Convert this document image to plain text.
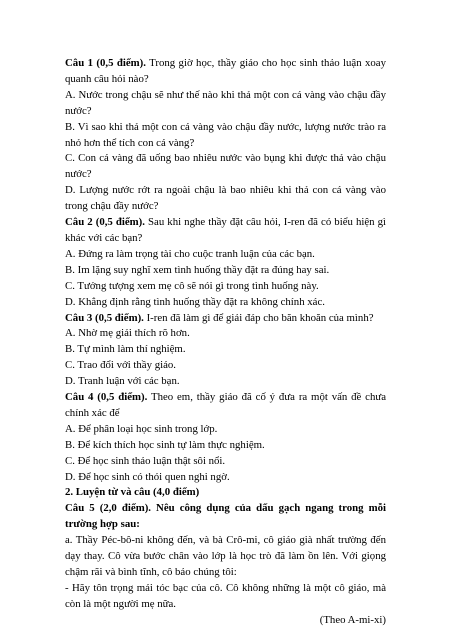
Câu 1 (0,5 điểm). Trong giờ học, thầy giáo cho học sinh thảo luận xoay
quanh câu hỏi nào?
A. Nước trong chậu sẽ như thế nào khi thả một con cá vàng vào chậu đầy
nước?
B. Vì sao khi thả một con cá vàng vào chậu đầy nước, lượng nước trào ra
nhỏ hơn thể tích con cá vàng?
C. Con cá vàng đã uống bao nhiêu nước vào bụng khi được thả vào chậu
nước?
D. Lượng nước rớt ra ngoài chậu là bao nhiêu khi thả con cá vàng vào
trong chậu đầy nước?
Câu 2 (0,5 điểm). Sau khi nghe thầy đặt câu hỏi, I-ren đã có biểu hiện gì
khác với các bạn?
A. Đứng ra làm trọng tài cho cuộc tranh luận của các bạn.
B. Im lặng suy nghĩ xem tình huống thầy đặt ra đúng hay sai.
C. Tưởng tượng xem mẹ cô sẽ nói gì trong tình huống này.
D. Khẳng định rằng tình huống thầy đặt ra không chính xác.
Câu 3 (0,5 điểm). I-ren đã làm gì để giải đáp cho băn khoăn của mình?
A. Nhờ mẹ giải thích rõ hơn.
B. Tự mình làm thí nghiệm.
C. Trao đổi với thầy giáo.
D. Tranh luận với các bạn.
Câu 4 (0,5 điểm). Theo em, thầy giáo đã cố ý đưa ra một vấn đề chưa
chính xác để
A. Để phân loại học sinh trong lớp.
B. Để kích thích học sinh tự làm thực nghiệm.
C. Để học sinh thảo luận thật sôi nổi.
D. Để học sinh có thói quen nghi ngờ.
2. Luyện từ và câu (4,0 điểm)
Câu 5 (2,0 điểm). Nêu công dụng của dấu gạch ngang trong mỗi
trường hợp sau:
a. Thầy Péc-bô-ni không đến, và bà Crô-mi, cô giáo già nhất trường đến
dạy thay. Cô vừa bước chân vào lớp là học trò đã làm ồn lên. Với giọng
chậm rãi và bình tĩnh, cô bảo chúng tôi:
- Hãy tôn trọng mái tóc bạc của cô. Cô không những là một cô giáo, mà
còn là một người mẹ nữa.
(Theo A-mi-xi)
